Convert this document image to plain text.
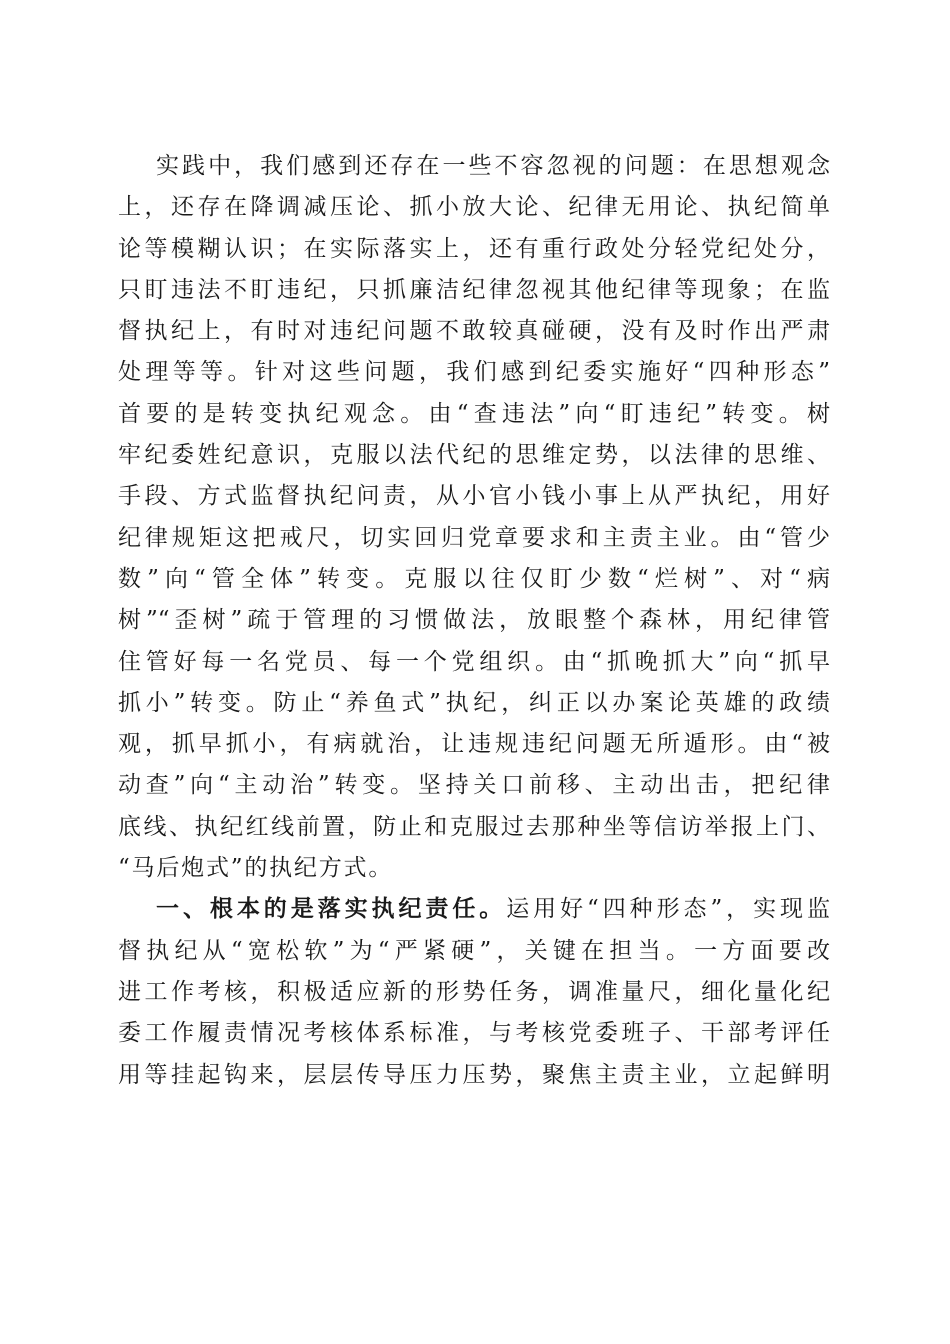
实践中，我们感到还存在一些不容忽视的问题：在思想观念
上，还存在降调减压论、抓小放大论、纪律无用论、执纪简单
论等模糊认识；在实际落实上，还有重行政处分轻党纪处分，
只盯违法不盯违纪，只抓廉洁纪律忽视其他纪律等现象；在监
督执纪上，有时对违纪问题不敢较真碰硬，没有及时作出严肃
处理等等。针对这些问题，我们感到纪委实施好“四种形态”
首要的是转变执纪观念。由“查违法”向“盯违纪”转变。树
牢纪委姓纪意识，克服以法代纪的思维定势，以法律的思维、
手段、方式监督执纪问责，从小官小钱小事上从严执纪，用好
纪律规矩这把戒尺，切实回归党章要求和主责主业。由“管少
数”向“管全体”转变。克服以往仅盯少数“烂树”、对“病
树”“歪树”疏于管理的习惯做法，放眼整个森林，用纪律管
住管好每一名党员、每一个党组织。由“抓晚抓大”向“抓早
抓小”转变。防止“养鱼式”执纪，纠正以办案论英雄的政绩
观，抓早抓小，有病就治，让违规违纪问题无所遁形。由“被
动查”向“主动治”转变。坚持关口前移、主动出击，把纪律
底线、执纪红线前置，防止和克服过去那种坐等信访举报上门、
“马后炮式”的执纪方式。
一、根本的是落实执纪责任。运用好“四种形态”，实现监
督执纪从“宽松软”为“严紧硬”，关键在担当。一方面要改
进工作考核，积极适应新的形势任务，调准量尺，细化量化纪
委工作履责情况考核体系标准，与考核党委班子、干部考评任
用等挂起钩来，层层传导压力压势，聚焦主责主业，立起鲜明
